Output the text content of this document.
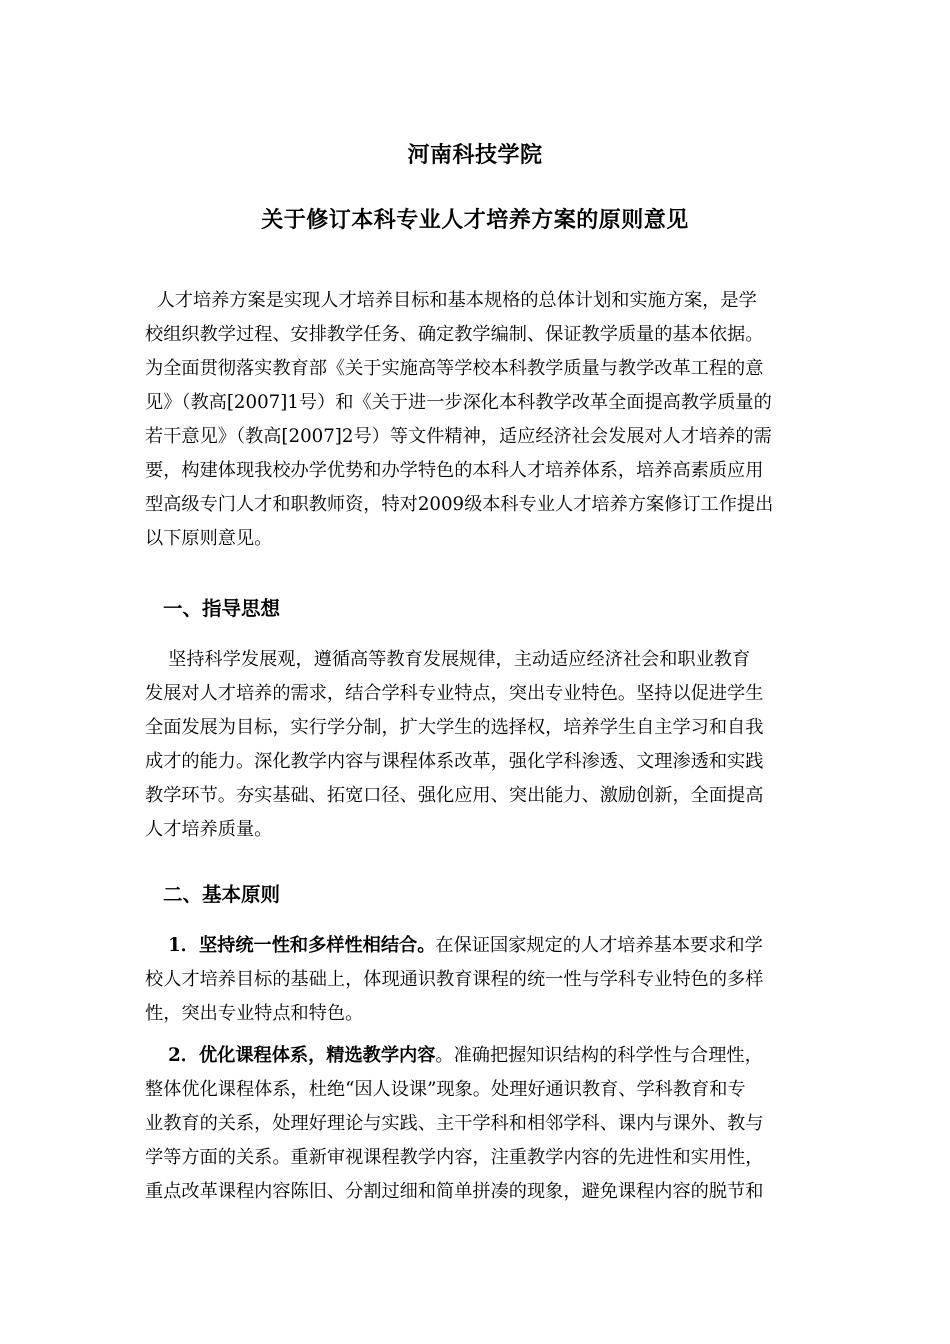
河南科技学院
关于修订本科专业人才培养方案的原则意见

人才培养方案是实现人才培养目标和基本规格的总体计划和实施方案，是学
校组织教学过程、安排教学任务、确定教学编制、保证教学质量的基本依据。
为全面贯彻落实教育部《关于实施高等学校本科教学质量与教学改革工程的意
见》（教高[2007]1号）和《关于进一步深化本科教学改革全面提高教学质量的
若干意见》（教高[2007]2号）等文件精神，适应经济社会发展对人才培养的需
要，构建体现我校办学优势和办学特色的本科人才培养体系，培养高素质应用
型高级专门人才和职教师资，特对2009级本科专业人才培养方案修订工作提出
以下原则意见。

一、指导思想

坚持科学发展观，遵循高等教育发展规律，主动适应经济社会和职业教育
发展对人才培养的需求，结合学科专业特点，突出专业特色。坚持以促进学生
全面发展为目标，实行学分制，扩大学生的选择权，培养学生自主学习和自我
成才的能力。深化教学内容与课程体系改革，强化学科渗透、文理渗透和实践
教学环节。夯实基础、拓宽口径、强化应用、突出能力、激励创新，全面提高
人才培养质量。

二、基本原则

1．坚持统一性和多样性相结合。在保证国家规定的人才培养基本要求和学
校人才培养目标的基础上，体现通识教育课程的统一性与学科专业特色的多样
性，突出专业特点和特色。

2．优化课程体系，精选教学内容。准确把握知识结构的科学性与合理性，
整体优化课程体系，杜绝“因人设课”现象。处理好通识教育、学科教育和专
业教育的关系，处理好理论与实践、主干学科和相邻学科、课内与课外、教与
学等方面的关系。重新审视课程教学内容，注重教学内容的先进性和实用性，
重点改革课程内容陈旧、分割过细和简单拼凑的现象，避免课程内容的脱节和
